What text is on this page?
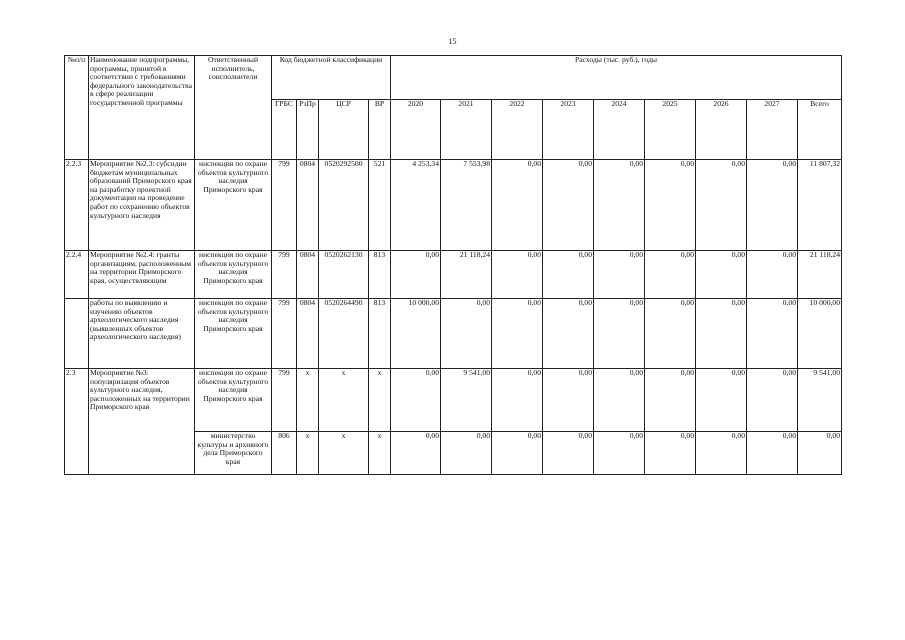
15
№п/п	Наименование подпрограммы, программы, принятой в соответствии с требованиями федерального законодательства в сфере реализации государственной программы	Ответственный исполнитель, соисполнители	Код бюджетной классификации				Расходы (тыс. руб.), годы								
			ГРБС	РзПр	ЦСР	ВР	2020	2021	2022	2023	2024	2025	2026	2027	Всего
2.2.3	Мероприятие №2.3: субсидии бюджетам муниципальных образований Приморского края на разработку проектной документации на проведение работ по сохранению объектов культурного наследия	инспекция по охране объектов культурного наследия Приморского края	799	0804	0520292500	521	4 253,34	7 553,98	0,00	0,00	0,00	0,00	0,00	0,00	11 807,32
2.2.4	Мероприятие №2.4: гранты организациям, расположенным на территории Приморского края, осуществляющим	инспекция по охране объектов культурного наследия Приморского края	799	0804	0520262130	813	0,00	21 118,24	0,00	0,00	0,00	0,00	0,00	0,00	21 118,24
	работы по выявлению и изучению объектов археологического наследия (выявленных объектов археологического наследия)	инспекция по охране объектов культурного наследия Приморского края	799	0804	0520264490	813	10 000,00	0,00	0,00	0,00	0,00	0,00	0,00	0,00	10 000,00
2.3	Мероприятие №3: популяризация объектов культурного наследия, расположенных на территории Приморского края	инспекция по охране объектов культурного наследия Приморского края	799	х	х	х	0,00	9 541,00	0,00	0,00	0,00	0,00	0,00	0,00	9 541,00
		министерство культуры и архивного дела Приморского края	806	х	х	х	0,00	0,00	0,00	0,00	0,00	0,00	0,00	0,00	0,00
